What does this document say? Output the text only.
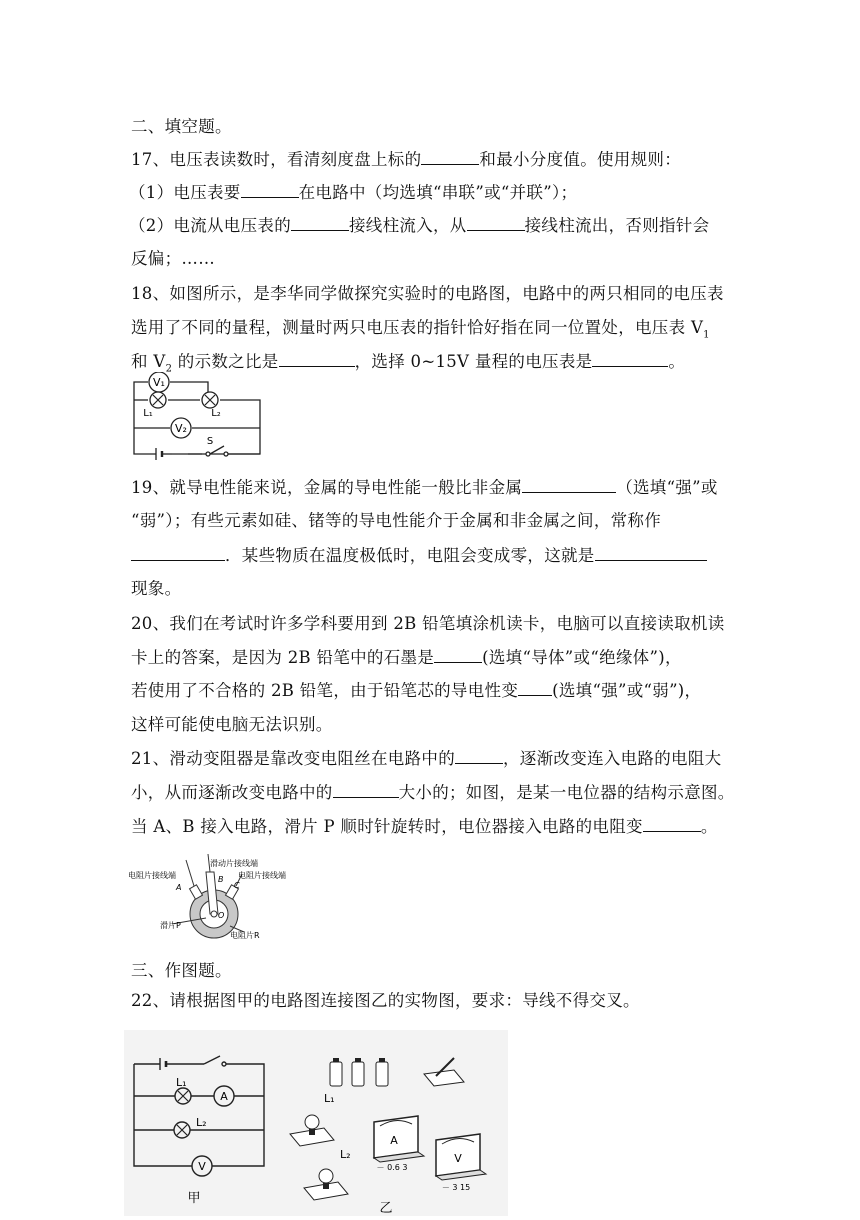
二、填空题。
17、电压表读数时，看清刻度盘上标的	和最小分度值。使用规则：
（1）电压表要	在电路中（均选填“串联”或“并联”）；
（2）电流从电压表的	接线柱流入，从	接线柱流出，否则指针会
反偏；……
18、如图所示，是李华同学做探究实验时的电路图，电路中的两只相同的电压表
选用了不同的量程，测量时两只电压表的指针恰好指在同一位置处，电压表 $V_1$
和 $V_2$ 的示数之比是	，选择 0~15V 量程的电压表是	。
V₁
V₂
L₁	L₂
S
19、就导电性能来说，金属的导电性能一般比非金属	（选填“强”或
“弱”）；有些元素如硅、锗等的导电性能介于金属和非金属之间，常称作
．某些物质在温度极低时，电阻会变成零，这就是
现象。
20、我们在考试时许多学科要用到 2B 铅笔填涂机读卡，电脑可以直接读取机读
卡上的答案，是因为 2B 铅笔中的石墨是	(选填“导体”或“绝缘体”)，
若使用了不合格的 2B 铅笔，由于铅笔芯的导电性变 (选填“强”或“弱”)，
这样可能使电脑无法识别。
21、滑动变阻器是靠改变电阻丝在电路中的	，逐渐改变连入电路的电阻大
小，从而逐渐改变电路中的	大小的；如图，是某一电位器的结构示意图。
当 A、B 接入电路，滑片 P 顺时针旋转时，电位器接入电路的电阻变	。
滑动片接线端
电阻片接线端	电阻片接线端
A
B
C
O
滑片P
电阻片R
三、作图题。
22、请根据图甲的电路图连接图乙的实物图，要求：导线不得交叉。
L₁
L₂
A
V
甲
L₁
L₂
A
－ 0.6 3
V
－ 3 15
乙
